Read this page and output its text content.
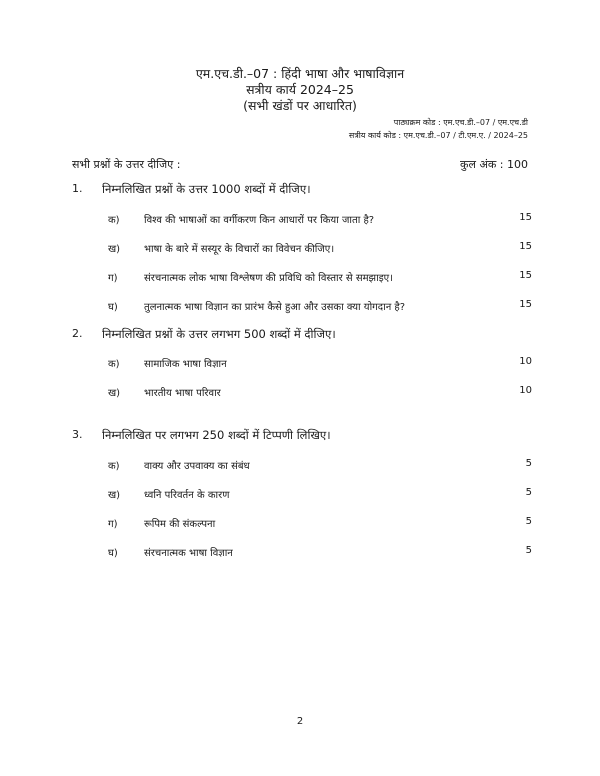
एम.एच.डी.–07 : हिंदी भाषा और भाषाविज्ञान
सत्रीय कार्य 2024–25
(सभी खंडों पर आधारित)
पाठ्यक्रम कोड : एम.एच.डी.–07 / एम.एच.डी
सत्रीय कार्य कोड : एम.एच.डी.–07 / टी.एम.ए. / 2024–25
सभी प्रश्नों के उत्तर दीजिए :	कुल अंक : 100
1. निम्नलिखित प्रश्नों के उत्तर 1000 शब्दों में दीजिए।
क) विश्व की भाषाओं का वर्गीकरण किन आधारों पर किया जाता है?	15
ख) भाषा के बारे में सस्यूर के विचारों का विवेचन कीजिए।	15
ग)	संरचनात्मक लोक भाषा विश्लेषण की प्रविधि को विस्तार से समझाइए।	15
घ)	तुलनात्मक भाषा विज्ञान का प्रारंभ कैसे हुआ और उसका क्या योगदान है?	15
2. निम्नलिखित प्रश्नों के उत्तर लगभग 500 शब्दों में दीजिए।
क) सामाजिक भाषा विज्ञान	10
ख) भारतीय भाषा परिवार	10
3. निम्नलिखित पर लगभग 250 शब्दों में टिप्पणी लिखिए।
क) वाक्य और उपवाक्य का संबंध	5
ख) ध्वनि परिवर्तन के कारण	5
ग)	रूपिम की संकल्पना	5
घ)	संरचनात्मक भाषा विज्ञान	5
2
